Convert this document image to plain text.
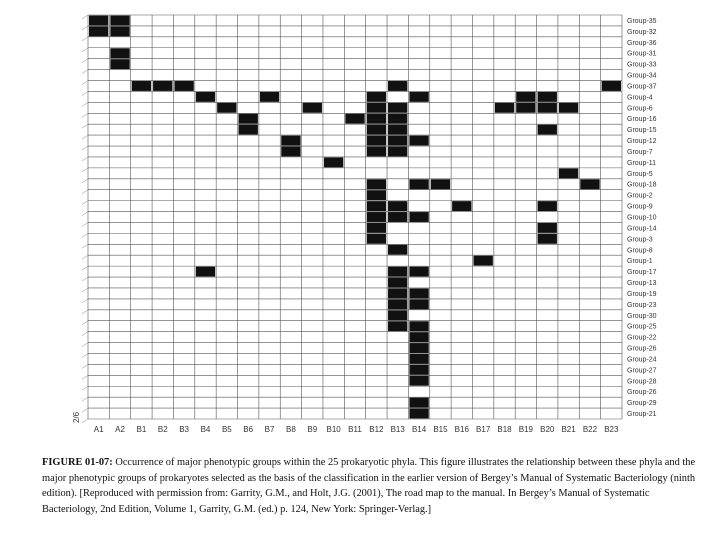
A1 A2 B1 B2 B3 B4 B5 B6 B7 B8 B9 B10 B11 B12 B13 B14 B15 B16 B17 B18 B19 B20 B21 B22 B23
Group-35
Group-32
Group-36
Group-31
Group-33
Group-34
Group-37
Group-4
Group-6
Group-16
Group-15
Group-12
Group-7
Group-11
Group-5
Group-18
Group-2
Group-9
Group-10
Group-14
Group-3
Group-8
Group-1
Group-17
Group-13
Group-19
Group-23
Group-30
Group-25
Group-22
Group-26
Group-24
Group-27
Group-28
Group-26
Group-29
Group-21
2/6
FIGURE 01-07: Occurrence of major phenotypic groups within the 25 prokaryotic phyla. This figure illustrates the relationship between these phyla and the major phenotypic groups of prokaryotes selected as the basis of the classification in the earlier version of Bergey’s Manual of Systematic Bacteriology (ninth edition). [Reproduced with permission from: Garrity, G.M., and Holt, J.G. (2001), The road map to the manual. In Bergey’s Manual of Systematic Bacteriology, 2nd Edition, Volume 1, Garrity, G.M. (ed.) p. 124, New York: Springer-Verlag.]
